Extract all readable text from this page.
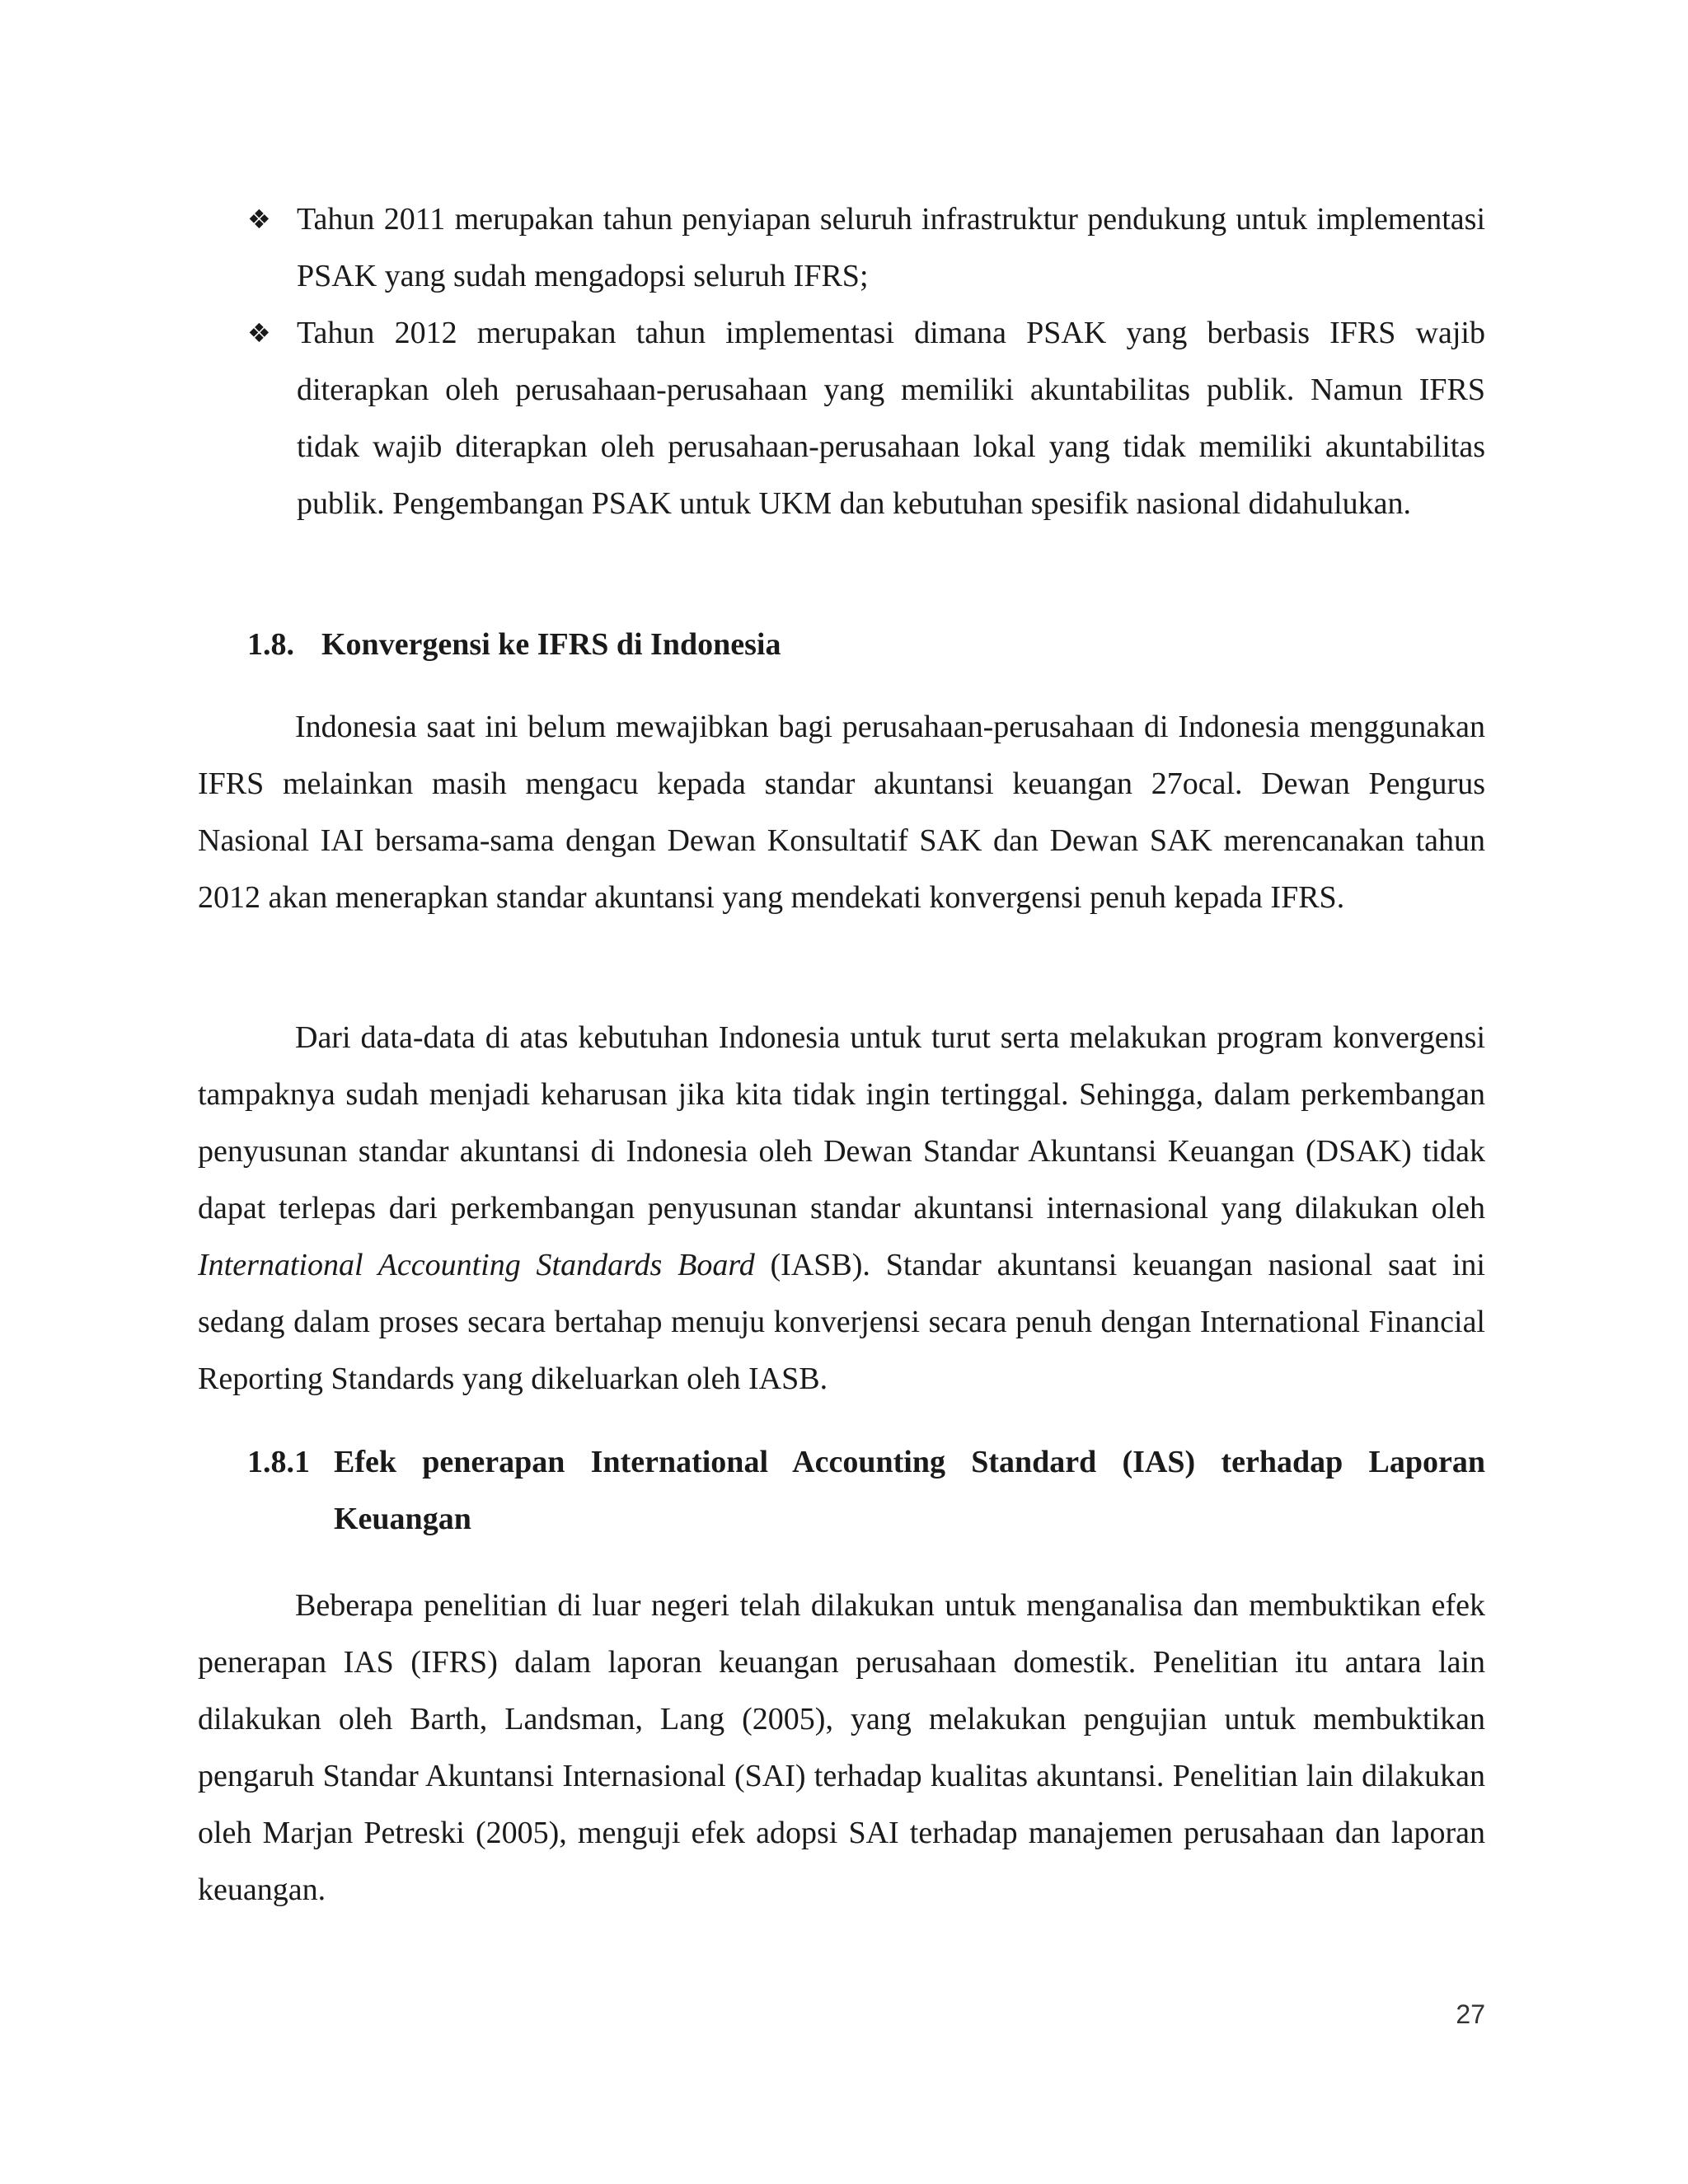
❖ Tahun 2011 merupakan tahun penyiapan seluruh infrastruktur pendukung untuk implementasi PSAK yang sudah mengadopsi seluruh IFRS;
❖ Tahun 2012 merupakan tahun implementasi dimana PSAK yang berbasis IFRS wajib diterapkan oleh perusahaan-perusahaan yang memiliki akuntabilitas publik. Namun IFRS tidak wajib diterapkan oleh perusahaan-perusahaan lokal yang tidak memiliki akuntabilitas publik. Pengembangan PSAK untuk UKM dan kebutuhan spesifik nasional didahulukan.
1.8. Konvergensi ke IFRS di Indonesia

Indonesia saat ini belum mewajibkan bagi perusahaan-perusahaan di Indonesia menggunakan IFRS melainkan masih mengacu kepada standar akuntansi keuangan 27ocal. Dewan Pengurus Nasional IAI bersama-sama dengan Dewan Konsultatif SAK dan Dewan SAK merencanakan tahun 2012 akan menerapkan standar akuntansi yang mendekati konvergensi penuh kepada IFRS.

Dari data-data di atas kebutuhan Indonesia untuk turut serta melakukan program konvergensi tampaknya sudah menjadi keharusan jika kita tidak ingin tertinggal. Sehingga, dalam perkembangan penyusunan standar akuntansi di Indonesia oleh Dewan Standar Akuntansi Keuangan (DSAK) tidak dapat terlepas dari perkembangan penyusunan standar akuntansi internasional yang dilakukan oleh International Accounting Standards Board (IASB). Standar akuntansi keuangan nasional saat ini sedang dalam proses secara bertahap menuju konverjensi secara penuh dengan International Financial Reporting Standards yang dikeluarkan oleh IASB.

1.8.1 Efek penerapan International Accounting Standard (IAS) terhadap Laporan Keuangan

Beberapa penelitian di luar negeri telah dilakukan untuk menganalisa dan membuktikan efek penerapan IAS (IFRS) dalam laporan keuangan perusahaan domestik. Penelitian itu antara lain dilakukan oleh Barth, Landsman, Lang (2005), yang melakukan pengujian untuk membuktikan pengaruh Standar Akuntansi Internasional (SAI) terhadap kualitas akuntansi. Penelitian lain dilakukan oleh Marjan Petreski (2005), menguji efek adopsi SAI terhadap manajemen perusahaan dan laporan keuangan.

27
